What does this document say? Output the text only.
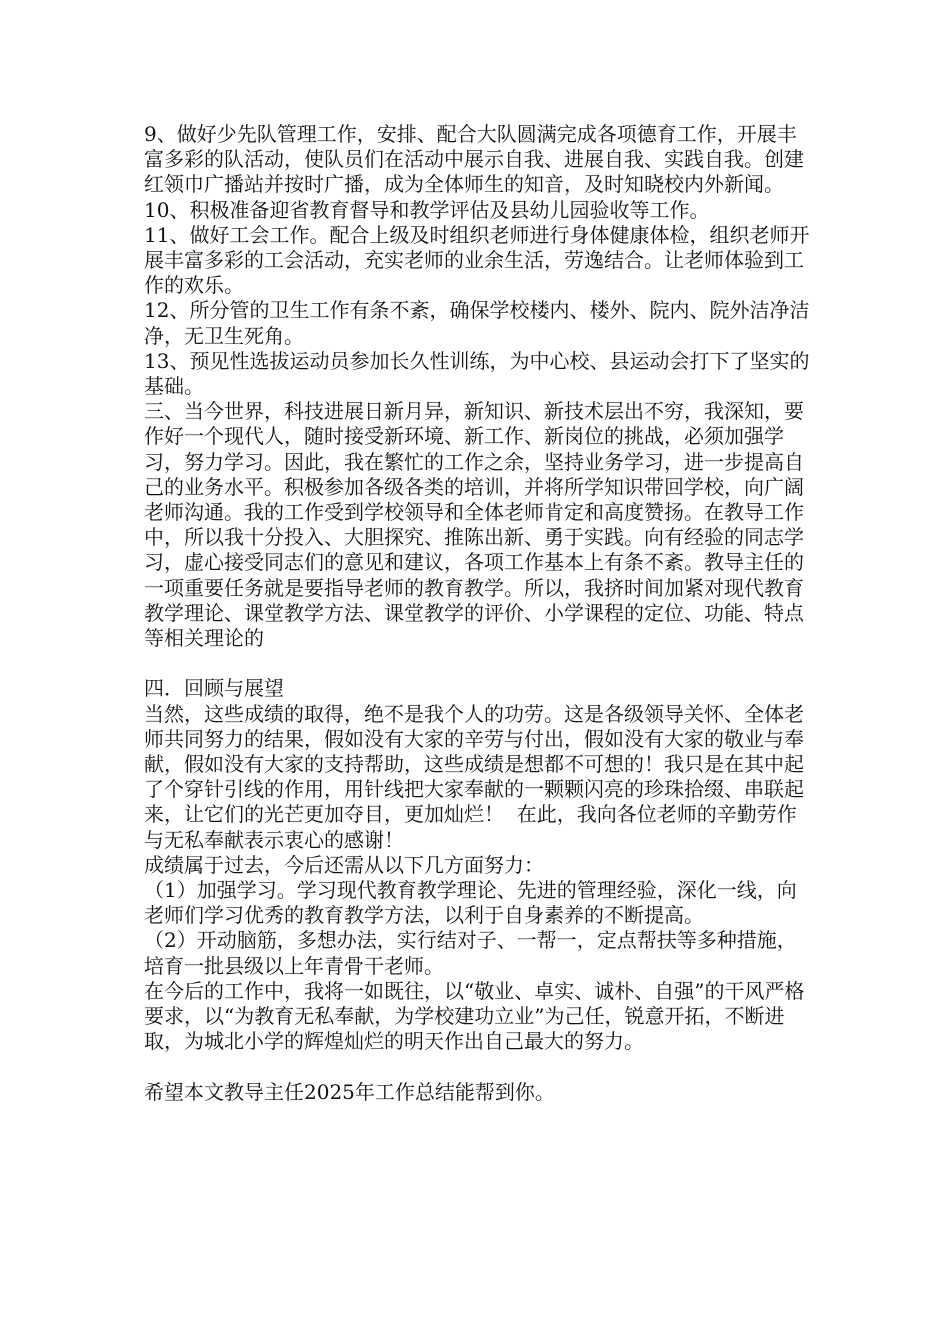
9、做好少先队管理工作，安排、配合大队圆满完成各项德育工作，开展丰富多彩的队活动，使队员们在活动中展示自我、进展自我、实践自我。创建红领巾广播站并按时广播，成为全体师生的知音，及时知晓校内外新闻。

10、积极准备迎省教育督导和教学评估及县幼儿园验收等工作。

11、做好工会工作。配合上级及时组织老师进行身体健康体检，组织老师开展丰富多彩的工会活动，充实老师的业余生活，劳逸结合。让老师体验到工作的欢乐。

12、所分管的卫生工作有条不紊，确保学校楼内、楼外、院内、院外洁净洁净，无卫生死角。

13、预见性选拔运动员参加长久性训练，为中心校、县运动会打下了坚实的基础。

三、当今世界，科技进展日新月异，新知识、新技术层出不穷，我深知，要作好一个现代人，随时接受新环境、新工作、新岗位的挑战，必须加强学习，努力学习。因此，我在繁忙的工作之余，坚持业务学习，进一步提高自己的业务水平。积极参加各级各类的培训，并将所学知识带回学校，向广阔老师沟通。我的工作受到学校领导和全体老师肯定和高度赞扬。在教导工作中，所以我十分投入、大胆探究、推陈出新、勇于实践。向有经验的同志学习，虚心接受同志们的意见和建议，各项工作基本上有条不紊。教导主任的一项重要任务就是要指导老师的教育教学。所以，我挤时间加紧对现代教育教学理论、课堂教学方法、课堂教学的评价、小学课程的定位、功能、特点等相关理论的

四．回顾与展望

当然，这些成绩的取得，绝不是我个人的功劳。这是各级领导关怀、全体老师共同努力的结果，假如没有大家的辛劳与付出，假如没有大家的敬业与奉献，假如没有大家的支持帮助，这些成绩是想都不可想的！我只是在其中起了个穿针引线的作用，用针线把大家奉献的一颗颗闪亮的珍珠拾缀、串联起来，让它们的光芒更加夺目，更加灿烂！  在此，我向各位老师的辛勤劳作与无私奉献表示衷心的感谢！

成绩属于过去，今后还需从以下几方面努力：

（1）加强学习。学习现代教育教学理论、先进的管理经验，深化一线，向老师们学习优秀的教育教学方法，以利于自身素养的不断提高。

（2）开动脑筋，多想办法，实行结对子、一帮一，定点帮扶等多种措施，培育一批县级以上年青骨干老师。

在今后的工作中，我将一如既往，以“敬业、卓实、诚朴、自强”的干风严格要求，以“为教育无私奉献，为学校建功立业”为己任，锐意开拓，不断进取，为城北小学的辉煌灿烂的明天作出自己最大的努力。

希望本文教导主任2025年工作总结能帮到你。
